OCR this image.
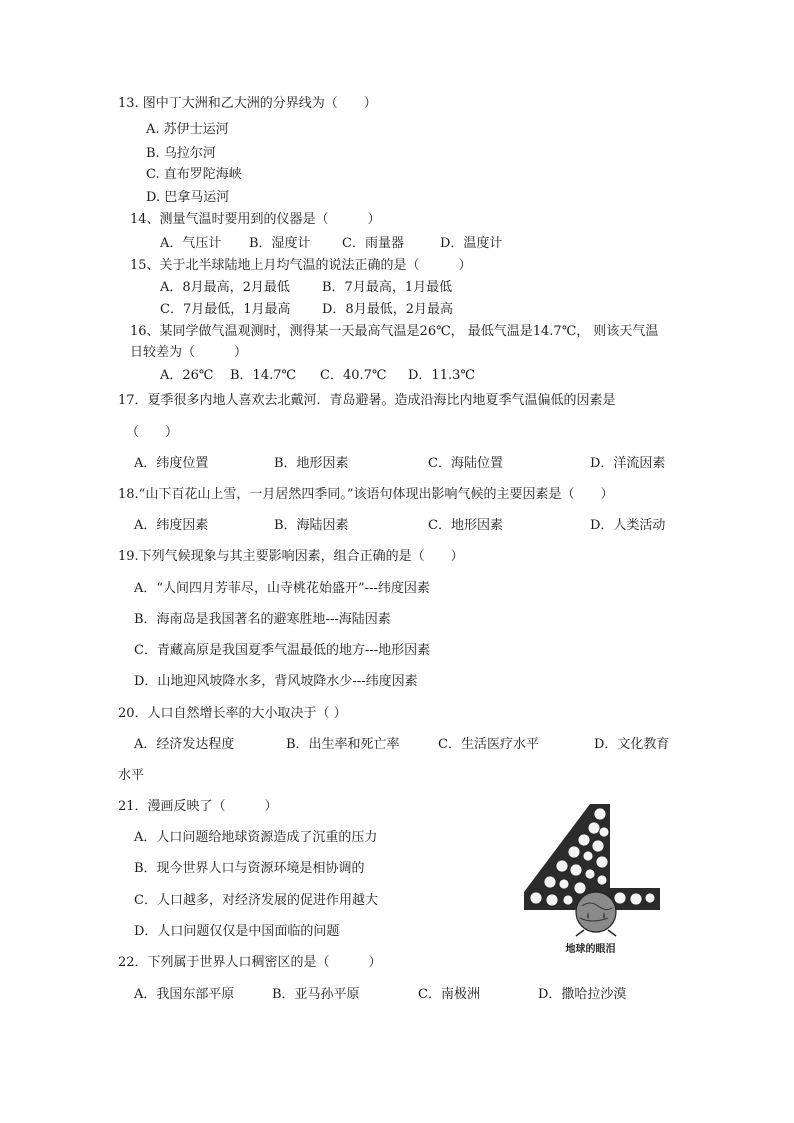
13. 图中丁大洲和乙大洲的分界线为（　　）
A. 苏伊士运河
B. 乌拉尔河
C. 直布罗陀海峡
D. 巴拿马运河
14、测量气温时要用到的仪器是（　　　）
A．气压计 B．湿度计 C．雨量器	D．温度计
15、关于北半球陆地上月均气温的说法正确的是（　　　）
A．8月最高，2月最低 B．7月最高，1月最低
C．7月最低，1月最高 D．8月最低，2月最高
16、某同学做气温观测时，测得某一天最高气温是26℃， 最低气温是14.7℃， 则该天气温
日较差为（　　　）
A．26℃ B．14.7℃ C．40.7℃ D．11.3℃
17．夏季很多内地人喜欢去北戴河．青岛避暑。造成沿海比内地夏季气温偏低的因素是
（　　）
A．纬度位置	B．地形因素	C．海陆位置	D．洋流因素
18.“山下百花山上雪，一月居然四季同。”该语句体现出影响气候的主要因素是（　　）
A．纬度因素	B．海陆因素	C．地形因素	D．人类活动
19.下列气候现象与其主要影响因素，组合正确的是（　　）
A．“人间四月芳菲尽，山寺桃花始盛开”---纬度因素
B．海南岛是我国著名的避寒胜地---海陆因素
C．青藏高原是我国夏季气温最低的地方---地形因素
D．山地迎风坡降水多，背风坡降水少---纬度因素
20．人口自然增长率的大小取决于（ ）
A．经济发达程度	B．出生率和死亡率	C．生活医疗水平	D．文化教育
水平
21．漫画反映了（　　　）
A．人口问题给地球资源造成了沉重的压力
B．现今世界人口与资源环境是相协调的
C．人口越多，对经济发展的促进作用越大
D．人口问题仅仅是中国面临的问题
地球的眼泪
22．下列属于世界人口稠密区的是（　　　）
A．我国东部平原	B．亚马孙平原	C．南极洲	D．撒哈拉沙漠
